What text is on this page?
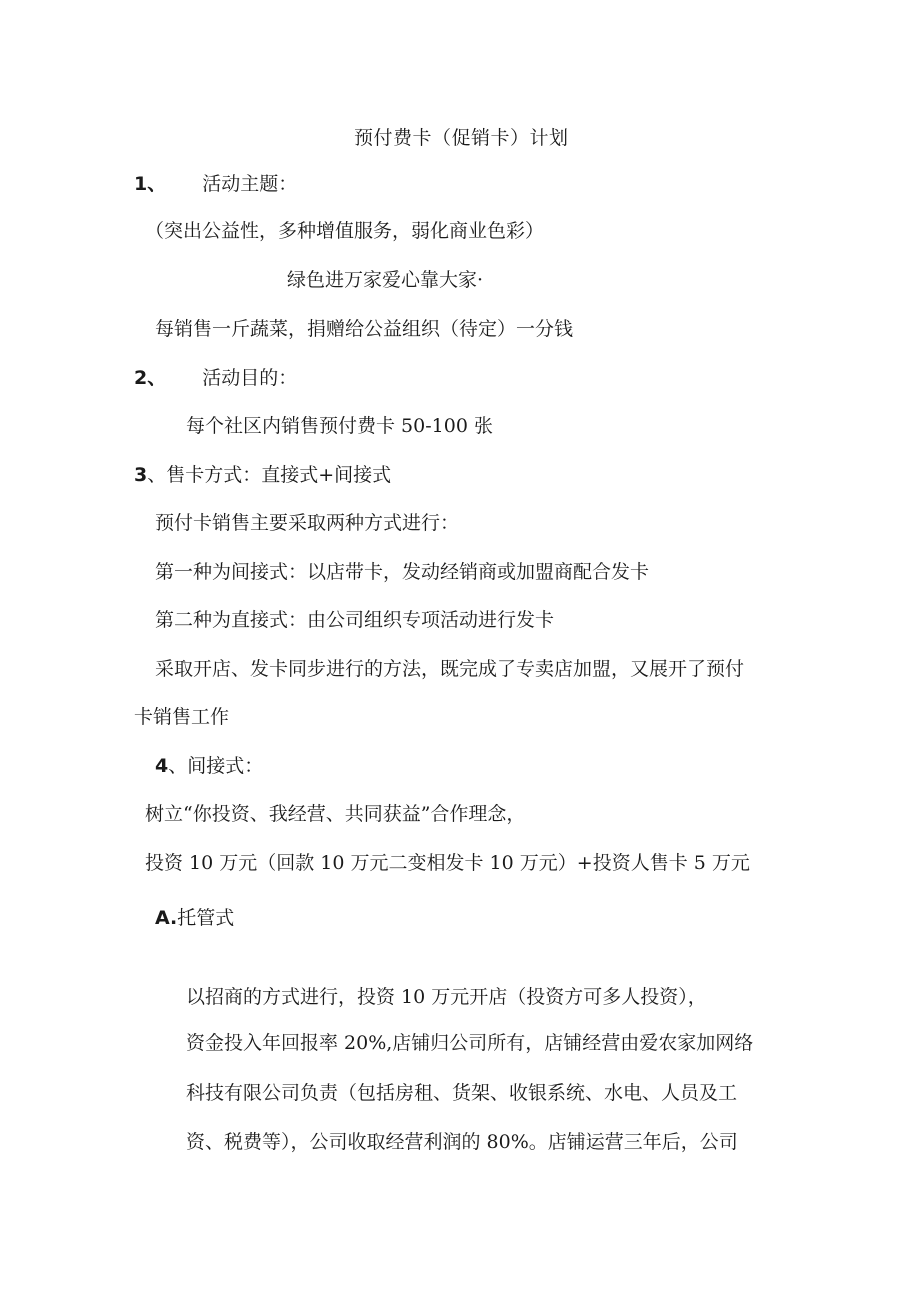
预付费卡（促销卡）计划

1、 活动主题：

（突出公益性，多种增值服务，弱化商业色彩）

绿色进万家爱心靠大家·

每销售一斤蔬菜，捐赠给公益组织（待定）一分钱

2、 活动目的：

每个社区内销售预付费卡 50-100 张

3、售卡方式：直接式+间接式

预付卡销售主要采取两种方式进行：

第一种为间接式：以店带卡，发动经销商或加盟商配合发卡

第二种为直接式：由公司组织专项活动进行发卡

采取开店、发卡同步进行的方法，既完成了专卖店加盟，又展开了预付

卡销售工作

4、间接式：

树立“你投资、我经营、共同获益”合作理念，

投资 10 万元（回款 10 万元二变相发卡 10 万元）+投资人售卡 5 万元

A.托管式

以招商的方式进行，投资 10 万元开店（投资方可多人投资），

资金投入年回报率 20%,店铺归公司所有，店铺经营由爱农家加网络

科技有限公司负责（包括房租、货架、收银系统、水电、人员及工

资、税费等），公司收取经营利润的 80%。店铺运营三年后，公司
